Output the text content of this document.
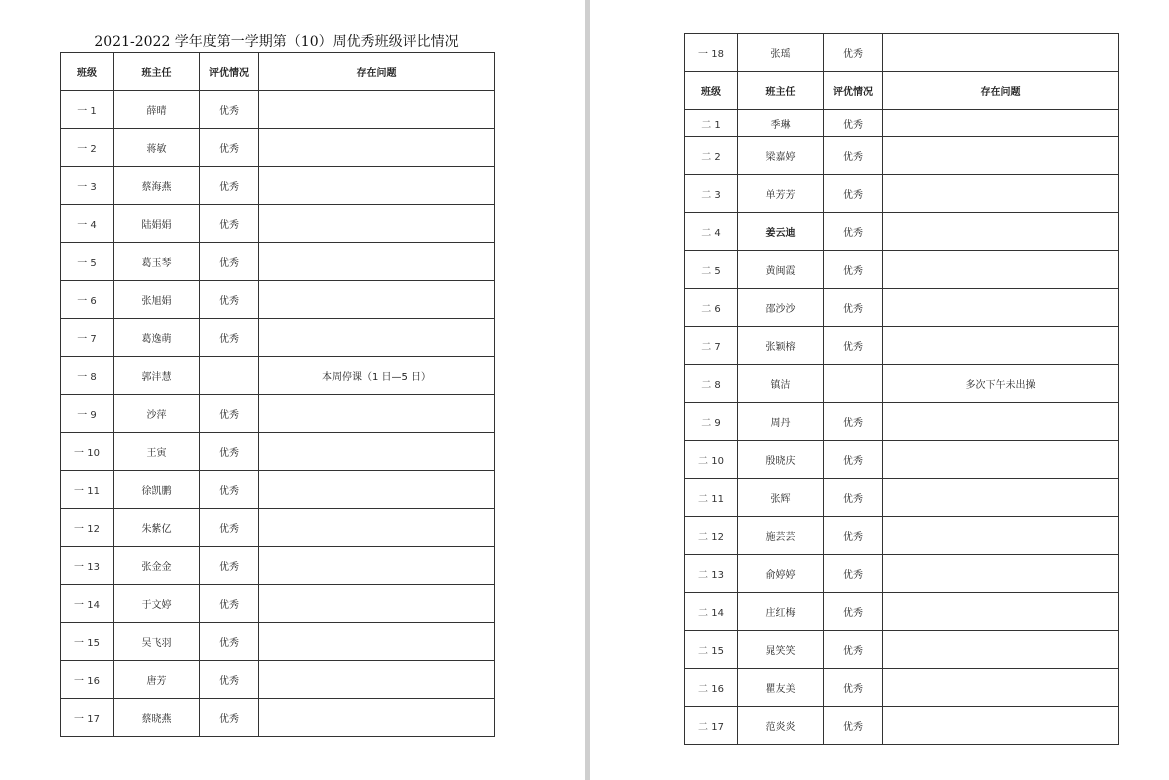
2021-2022 学年度第一学期第（10）周优秀班级评比情况
班级	班主任	评优情况	存在问题
一 1	薛晴	优秀	
一 2	蒋敏	优秀	
一 3	蔡海燕	优秀	
一 4	陆娟娟	优秀	
一 5	葛玉琴	优秀	
一 6	张旭娟	优秀	
一 7	葛逸萌	优秀	
一 8	郭沣慧		本周停课（1 日—5 日）
一 9	沙萍	优秀	
一 10	王寅	优秀	
一 11	徐凯鹏	优秀	
一 12	朱紫亿	优秀	
一 13	张金金	优秀	
一 14	于文婷	优秀	
一 15	吴飞羽	优秀	
一 16	唐芳	优秀	
一 17	蔡晓燕	优秀	
一 18	张瑶	优秀	
班级	班主任	评优情况	存在问题
二 1	季琳	优秀	
二 2	梁嘉婷	优秀	
二 3	单芳芳	优秀	
二 4	姜云迪	优秀	
二 5	黄闽霞	优秀	
二 6	邵沙沙	优秀	
二 7	张颖榕	优秀	
二 8	镇洁		多次下午未出操
二 9	周丹	优秀	
二 10	殷晓庆	优秀	
二 11	张辉	优秀	
二 12	施芸芸	优秀	
二 13	俞婷婷	优秀	
二 14	庄红梅	优秀	
二 15	晁笑笑	优秀	
二 16	瞿友美	优秀	
二 17	范炎炎	优秀	
